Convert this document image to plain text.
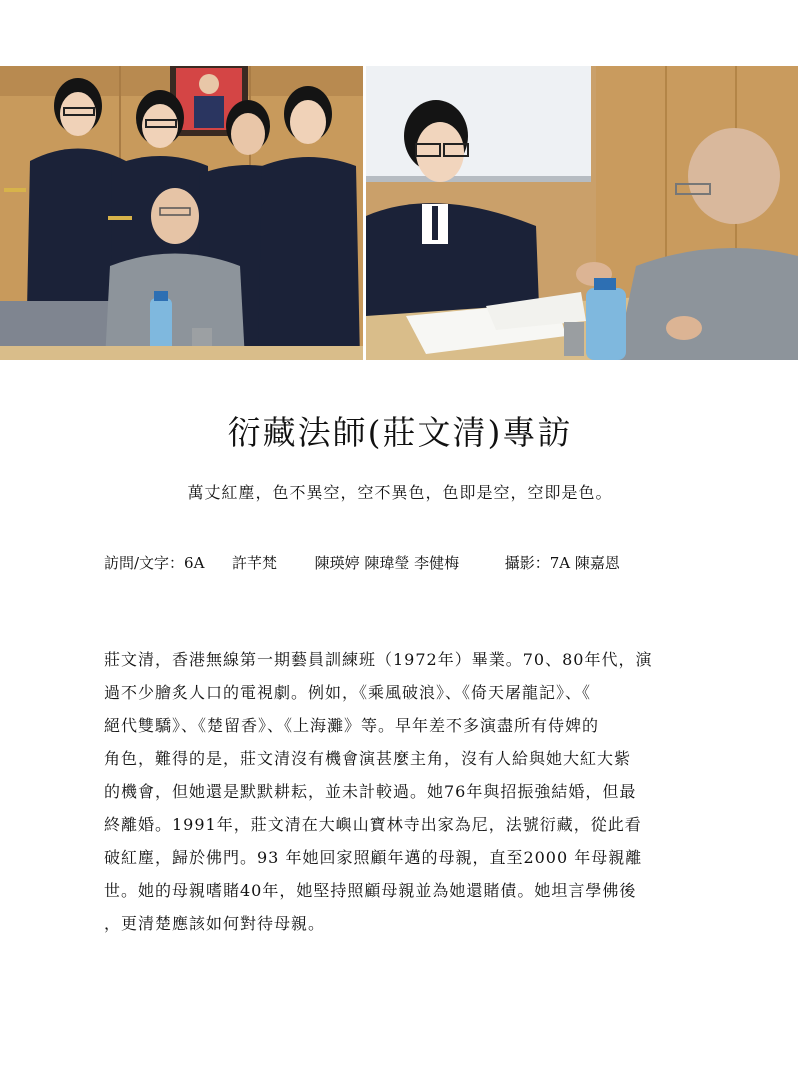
衍藏法師(莊文清)專訪
萬丈紅塵，色不異空，空不異色，色即是空，空即是色。
訪問/文字：6A 許芊梵	陳瑛婷 陳瑋瑩 李健梅	攝影：7A 陳嘉恩
莊文清，香港無線第一期藝員訓練班（1972年）畢業。70、80年代，演
過不少膾炙人口的電視劇。例如，《乘風破浪》、《倚天屠龍記》、《
絕代雙驕》、《楚留香》、《上海灘》等。早年差不多演盡所有侍婢的
角色，難得的是，莊文清沒有機會演甚麼主角，沒有人給與她大紅大紫
的機會，但她還是默默耕耘，並未計較過。她76年與招振強結婚，但最
終離婚。1991年，莊文清在大嶼山寶林寺出家為尼，法號衍藏，從此看
破紅塵，歸於佛門。93 年她回家照顧年邁的母親，直至2000 年母親離
世。她的母親嗜賭40年，她堅持照顧母親並為她還賭債。她坦言學佛後
，更清楚應該如何對待母親。
